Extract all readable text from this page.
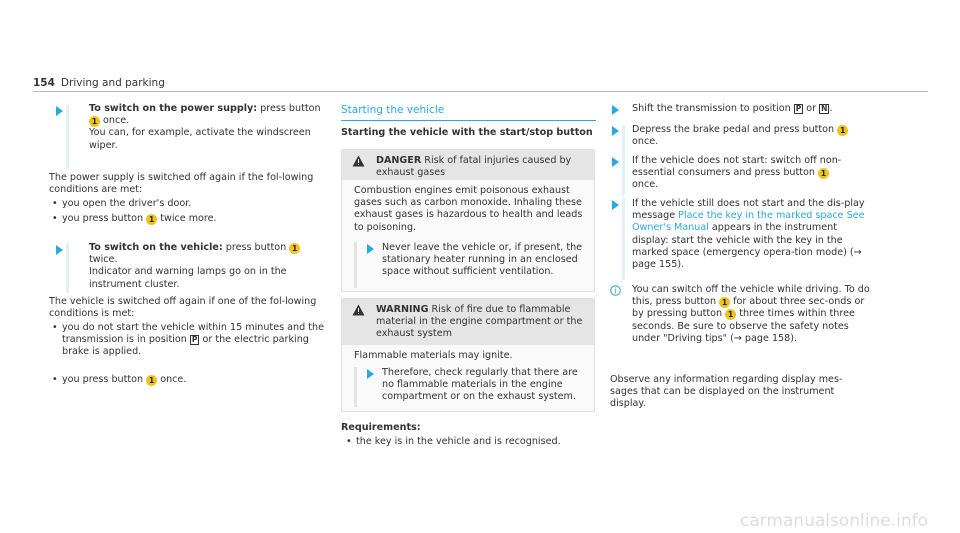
154 Driving and parking
To switch on the power supply: press button
1 once.
You can, for example, activate the windscreen wiper.
The power supply is switched off again if the fol-lowing conditions are met:
• you open the driver's door.
• you press button 1 twice more.
To switch on the vehicle: press button 1
twice.
Indicator and warning lamps go on in the instrument cluster.
The vehicle is switched off again if one of the fol-lowing conditions is met:
• you do not start the vehicle within 15 minutes and the transmission is in position P or the electric parking brake is applied.
• you press button 1 once.
Starting the vehicle
Starting the vehicle with the start/stop button
DANGER Risk of fatal injuries caused by exhaust gases
Combustion engines emit poisonous exhaust gases such as carbon monoxide. Inhaling these exhaust gases is hazardous to health and leads to poisoning.
Never leave the vehicle or, if present, the stationary heater running in an enclosed space without sufficient ventilation.
WARNING Risk of fire due to flammable material in the engine compartment or the exhaust system
Flammable materials may ignite.
Therefore, check regularly that there are no flammable materials in the engine compartment or on the exhaust system.
Requirements:
• the key is in the vehicle and is recognised.
Shift the transmission to position P or N .
Depress the brake pedal and press button 1
once.
If the vehicle does not start: switch off non-essential consumers and press button 1
once.
If the vehicle still does not start and the dis-play message Place the key in the marked space See Owner's Manual appears in the instrument display: start the vehicle with the key in the marked space (emergency opera-tion mode) (→ page 155).
i You can switch off the vehicle while driving. To do this, press button 1 for about three sec-onds or by pressing button 1 three times within three seconds. Be sure to observe the safety notes under "Driving tips" (→ page 158).
Observe any information regarding display mes-sages that can be displayed on the instrument display.
carmanualsonline.info
